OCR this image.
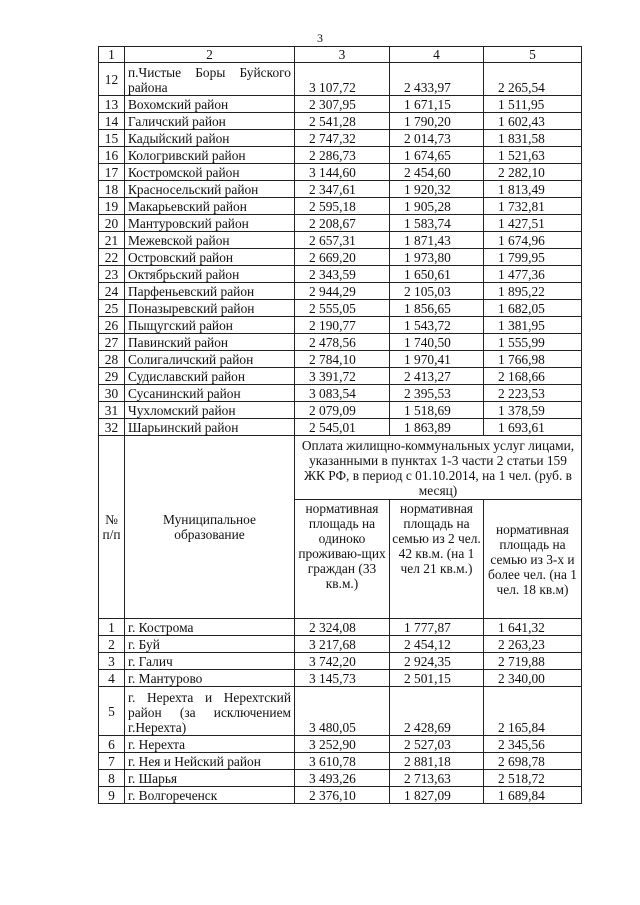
3
1	2	3	4	5
12	п.Чистые Боры Буйского района	3 107,72	2 433,97	2 265,54
13	Вохомский район	2 307,95	1 671,15	1 511,95
14	Галичский район	2 541,28	1 790,20	1 602,43
15	Кадыйский район	2 747,32	2 014,73	1 831,58
16	Кологривский район	2 286,73	1 674,65	1 521,63
17	Костромской район	3 144,60	2 454,60	2 282,10
18	Красносельский район	2 347,61	1 920,32	1 813,49
19	Макарьевский район	2 595,18	1 905,28	1 732,81
20	Мантуровский район	2 208,67	1 583,74	1 427,51
21	Межевской район	2 657,31	1 871,43	1 674,96
22	Островский район	2 669,20	1 973,80	1 799,95
23	Октябрьский район	2 343,59	1 650,61	1 477,36
24	Парфеньевский район	2 944,29	2 105,03	1 895,22
25	Поназыревский район	2 555,05	1 856,65	1 682,05
26	Пыщугский район	2 190,77	1 543,72	1 381,95
27	Павинский район	2 478,56	1 740,50	1 555,99
28	Солигаличский район	2 784,10	1 970,41	1 766,98
29	Судиславский район	3 391,72	2 413,27	2 168,66
30	Сусанинский район	3 083,54	2 395,53	2 223,53
31	Чухломский район	2 079,09	1 518,69	1 378,59
32	Шарьинский район	2 545,01	1 863,89	1 693,61
№ п/п	Муниципальное образование	Оплата жилищно-коммунальных услуг лицами, указанными в пунктах 1-3 части 2 статьи 159 ЖК РФ, в период с 01.10.2014, на 1 чел. (руб. в месяц)		
		нормативная площадь на одиноко проживаю-щих граждан (33 кв.м.)	нормативная площадь на семью из 2 чел. 42 кв.м. (на 1 чел 21 кв.м.)	нормативная площадь на семью из 3-х и более чел. (на 1 чел. 18 кв.м)
1	г. Кострома	2 324,08	1 777,87	1 641,32
2	г. Буй	3 217,68	2 454,12	2 263,23
3	г. Галич	3 742,20	2 924,35	2 719,88
4	г. Мантурово	3 145,73	2 501,15	2 340,00
5	г. Нерехта и Нерехтский район (за исключением г.Нерехта)	3 480,05	2 428,69	2 165,84
6	г. Нерехта	3 252,90	2 527,03	2 345,56
7	г. Нея и Нейский район	3 610,78	2 881,18	2 698,78
8	г. Шарья	3 493,26	2 713,63	2 518,72
9	г. Волгореченск	2 376,10	1 827,09	1 689,84
